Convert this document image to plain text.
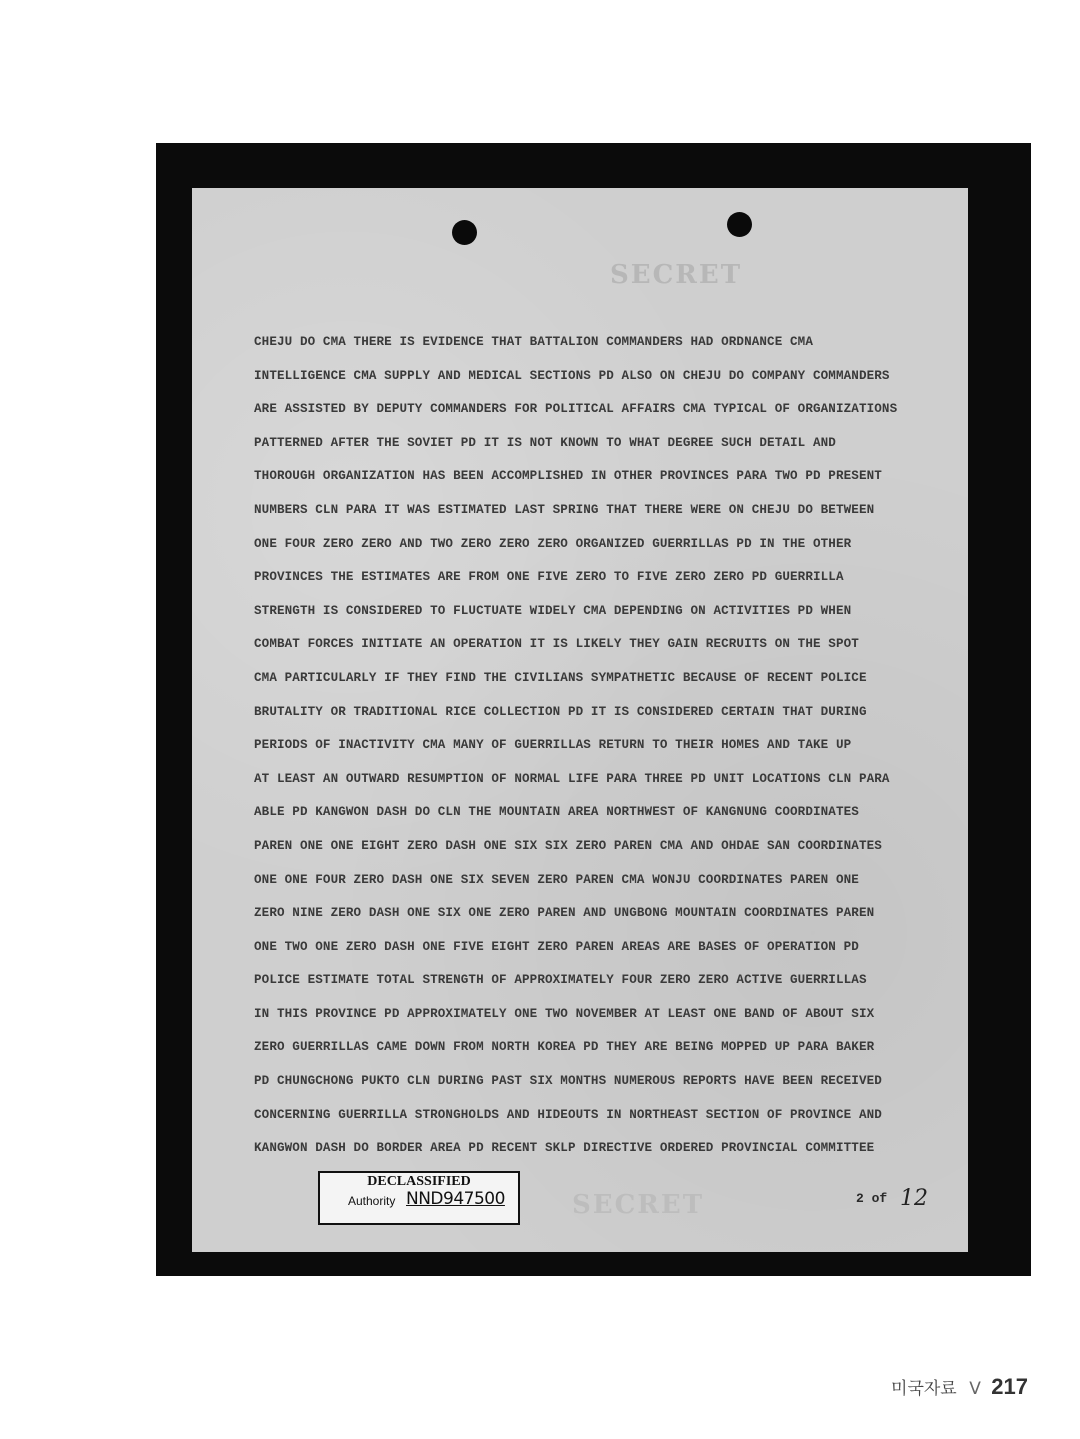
SECRET
CHEJU DO CMA THERE IS EVIDENCE THAT BATTALION COMMANDERS HAD ORDNANCE CMA
INTELLIGENCE CMA SUPPLY AND MEDICAL SECTIONS PD ALSO ON CHEJU DO COMPANY COMMANDERS
ARE ASSISTED BY DEPUTY COMMANDERS FOR POLITICAL AFFAIRS CMA TYPICAL OF ORGANIZATIONS
PATTERNED AFTER THE SOVIET PD IT IS NOT KNOWN TO WHAT DEGREE SUCH DETAIL AND
THOROUGH ORGANIZATION HAS BEEN ACCOMPLISHED IN OTHER PROVINCES PARA TWO PD PRESENT
NUMBERS CLN PARA IT WAS ESTIMATED LAST SPRING THAT THERE WERE ON CHEJU DO BETWEEN
ONE FOUR ZERO ZERO AND TWO ZERO ZERO ZERO ORGANIZED GUERRILLAS PD IN THE OTHER
PROVINCES THE ESTIMATES ARE FROM ONE FIVE ZERO TO FIVE ZERO ZERO PD GUERRILLA
STRENGTH IS CONSIDERED TO FLUCTUATE WIDELY CMA DEPENDING ON ACTIVITIES PD WHEN
COMBAT FORCES INITIATE AN OPERATION IT IS LIKELY THEY GAIN RECRUITS ON THE SPOT
CMA PARTICULARLY IF THEY FIND THE CIVILIANS SYMPATHETIC BECAUSE OF RECENT POLICE
BRUTALITY OR TRADITIONAL RICE COLLECTION PD IT IS CONSIDERED CERTAIN THAT DURING
PERIODS OF INACTIVITY CMA MANY OF GUERRILLAS RETURN TO THEIR HOMES AND TAKE UP
AT LEAST AN OUTWARD RESUMPTION OF NORMAL LIFE PARA THREE PD UNIT LOCATIONS CLN PARA
ABLE PD KANGWON DASH DO CLN THE MOUNTAIN AREA NORTHWEST OF KANGNUNG COORDINATES
PAREN ONE ONE EIGHT ZERO DASH ONE SIX SIX ZERO PAREN CMA AND OHDAE SAN COORDINATES
ONE ONE FOUR ZERO DASH ONE SIX SEVEN ZERO PAREN CMA WONJU COORDINATES PAREN ONE
ZERO NINE ZERO DASH ONE SIX ONE ZERO PAREN AND UNGBONG MOUNTAIN COORDINATES PAREN
ONE TWO ONE ZERO DASH ONE FIVE EIGHT ZERO PAREN AREAS ARE BASES OF OPERATION PD
POLICE ESTIMATE TOTAL STRENGTH OF APPROXIMATELY FOUR ZERO ZERO ACTIVE GUERRILLAS
IN THIS PROVINCE PD APPROXIMATELY ONE TWO NOVEMBER AT LEAST ONE BAND OF ABOUT SIX
ZERO GUERRILLAS CAME DOWN FROM NORTH KOREA PD THEY ARE BEING MOPPED UP PARA BAKER
PD CHUNGCHONG PUKTO CLN DURING PAST SIX MONTHS NUMEROUS REPORTS HAVE BEEN RECEIVED
CONCERNING GUERRILLA STRONGHOLDS AND HIDEOUTS IN NORTHEAST SECTION OF PROVINCE AND
KANGWON DASH DO BORDER AREA PD RECENT SKLP DIRECTIVE ORDERED PROVINCIAL COMMITTEE
DECLASSIFIED
Authority NND947500	SECRET	2 of 12
미국자료 V 217
